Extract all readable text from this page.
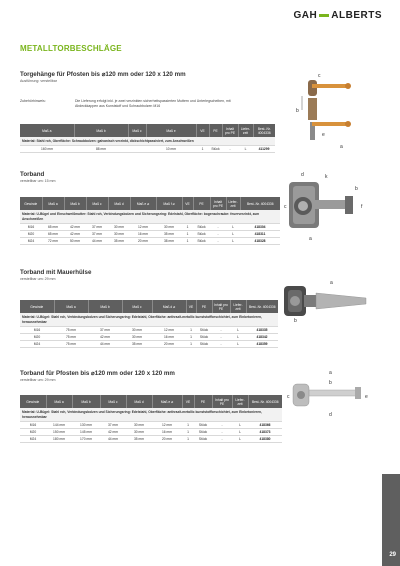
GAH ALBERTS
METALLTORBESCHLÄGE
Torgehänge für Pfosten bis ⌀120 mm oder 120 x 120 mm
Ausführung: verstellbar
Zubehörhinweis:	Die Lieferung erfolgt inkl. je zwei verzinkten sicherheitspassierten Muttern und Unterlegscheiben, mit
Abdeckkappen aus Kunststoff und Schraubbolzen M16
Maß a	Maß b	Maß c	Maß e	VE	PE	Inhalt pro PE	Liefer-zeit	Best.-Nr. 4004336
Material: Stahl roh, Oberfläche: Schraubbolzen: galvanisch verzinkt, dickschichtpassiviert, zum Anschweißen								
160 mm	88 mm		10 mm	1	Stück	-	L	411299
b
c
e
a
Torband
verstellbar um: 15 mm
Gewinde	Maß a	Maß b	Maß c	Maß d	Maß e ⌀	Maß f ⌀	VE	PE	Inhalt pro PE	Liefer-zeit	Best.-Nr. 4004336
Material: U-Bügel und Einschweißmutter: Stahl roh, Verbindungsbolzen und Sicherungsring: Edelstahl, Oberfläche: bogenschraube: feuerverzinkt, zum Anschweißen											
M16	65 mm	42 mm	37 mm	30 mm	12 mm	30 mm	1	Stück	-	L	418304
M20	65 mm	42 mm	37 mm	30 mm	16 mm	35 mm	1	Stück	-	L	418311
M24	72 mm	50 mm	44 mm	35 mm	20 mm	38 mm	1	Stück	-	L	418328
d	k
b
c	f
a
Torband mit Mauerhülse
verstellbar um: 29 mm
Gewinde	Maß a	Maß b	Maß c	Maß d ⌀	VE	PE	Inhalt pro PE	Liefer-zeit	Best.-Nr. 4004336
Material: U-Bügel: Stahl roh, Verbindungsbolzen und Sicherungsring: Edelstahl, Oberfläche: anthrazit-metallic kunststoffbeschichtet, zum Einbetonieren, herausnehmbar									
M16	75 mm	37 mm	30 mm	12 mm	1	Stück	-	L	418335
M20	75 mm	42 mm	30 mm	16 mm	1	Stück	-	L	418342
M24	75 mm	44 mm	35 mm	20 mm	1	Stück	-	L	418359
a
b
Torband für Pfosten bis ⌀120 mm oder 120 x 120 mm
verstellbar um: 29 mm
Gewinde	Maß a	Maß b	Maß c	Maß d	Maß e ⌀	VE	PE	Inhalt pro PE	Liefer-zeit	Best.-Nr. 4004336
Material: U-Bügel: Stahl roh, Verbindungsbolzen und Sicherungsring: Edelstahl, Oberfläche: anthrazit-metallic kunststoffbeschichtet, zum Einbetonieren, herausnehmbar										
M16	144 mm	130 mm	37 mm	30 mm	12 mm	1	Stück	-	L	418366
M20	150 mm	145 mm	42 mm	30 mm	16 mm	1	Stück	-	L	418373
M24	180 mm	170 mm	44 mm	35 mm	20 mm	1	Stück	-	L	418380
a
b
c	e
d
29
